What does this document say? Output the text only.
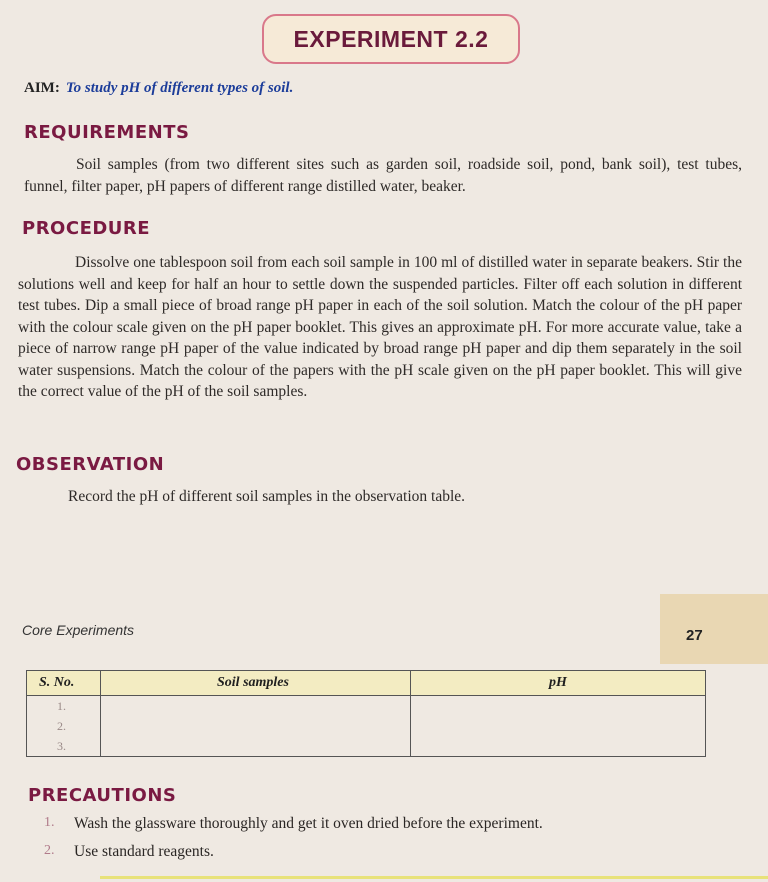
EXPERIMENT 2.2
AIM: To study pH of different types of soil.
REQUIREMENTS
Soil samples (from two different sites such as garden soil, roadside soil, pond, bank soil), test tubes, funnel, filter paper, pH papers of different range distilled water, beaker.
PROCEDURE
Dissolve one tablespoon soil from each soil sample in 100 ml of distilled water in separate beakers. Stir the solutions well and keep for half an hour to settle down the suspended particles. Filter off each solution in different test tubes. Dip a small piece of broad range pH paper in each of the soil solution. Match the colour of the pH paper with the colour scale given on the pH paper booklet. This gives an approximate pH. For more accurate value, take a piece of narrow range pH paper of the value indicated by broad range pH paper and dip them separately in the soil water suspensions. Match the colour of the papers with the pH scale given on the pH paper booklet. This will give the correct value of the pH of the soil samples.
OBSERVATION
Record the pH of different soil samples in the observation table.
Core Experiments	27
S. No.	Soil samples	pH
1.		
2.		
3.		
PRECAUTIONS
1.	Wash the glassware thoroughly and get it oven dried before the experiment.
2.	Use standard reagents.
